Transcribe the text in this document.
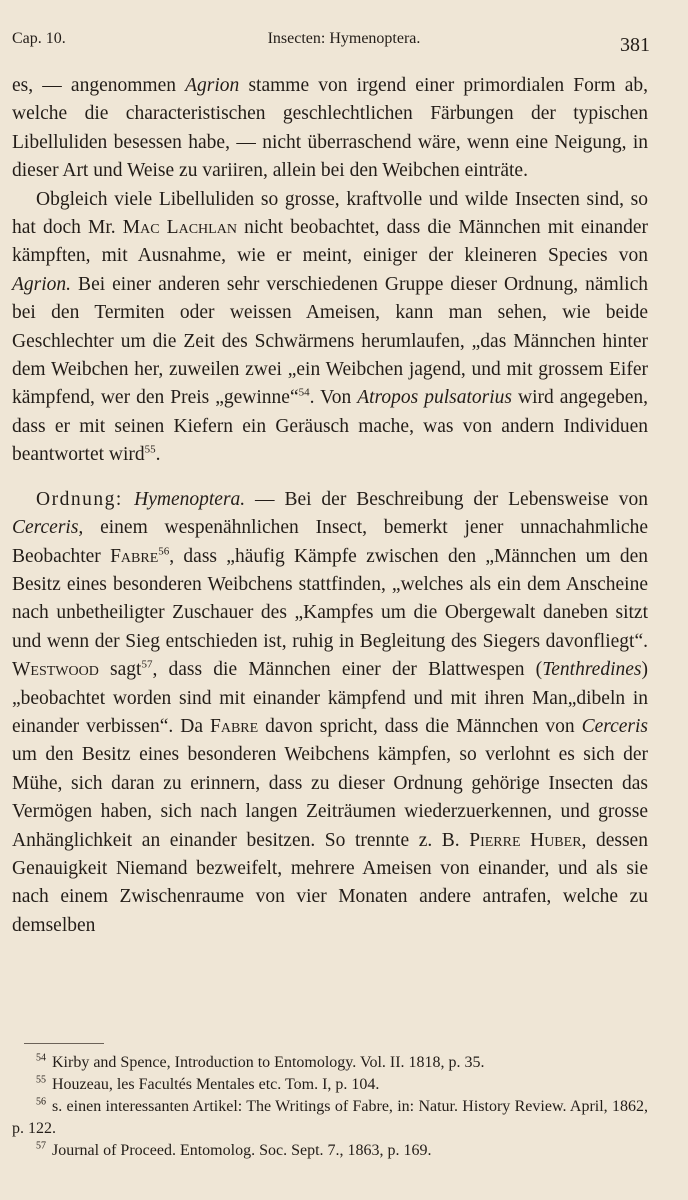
Cap. 10.	Insecten: Hymenoptera.	381

es, — angenommen Agrion stamme von irgend einer primordialen Form ab, welche die characteristischen geschlechtlichen Färbungen der typischen Libelluliden besessen habe, — nicht überraschend wäre, wenn eine Neigung, in dieser Art und Weise zu variiren, allein bei den Weibchen einträte.

Obgleich viele Libelluliden so grosse, kraftvolle und wilde Insecten sind, so hat doch Mr. Mac Lachlan nicht beobachtet, dass die Männchen mit einander kämpften, mit Ausnahme, wie er meint, einiger der kleineren Species von Agrion. Bei einer anderen sehr verschiedenen Gruppe dieser Ordnung, nämlich bei den Termiten oder weissen Ameisen, kann man sehen, wie beide Geschlechter um die Zeit des Schwärmens herumlaufen, „das Männchen hinter dem Weibchen her, zuweilen zwei „ein Weibchen jagend, und mit grossem Eifer kämpfend, wer den Preis „gewinne“$^{54}$. Von Atropos pulsatorius wird angegeben, dass er mit seinen Kiefern ein Geräusch mache, was von andern Individuen beantwortet wird$^{55}$.

Ordnung: Hymenoptera. — Bei der Beschreibung der Lebensweise von Cerceris, einem wespenähnlichen Insect, bemerkt jener unnachahmliche Beobachter Fabre$^{56}$, dass „häufig Kämpfe zwischen den „Männchen um den Besitz eines besonderen Weibchens stattfinden, „welches als ein dem Anscheine nach unbetheiligter Zuschauer des „Kampfes um die Obergewalt daneben sitzt und wenn der Sieg entschieden ist, ruhig in Begleitung des Siegers davonfliegt“. Westwood sagt$^{57}$, dass die Männchen einer der Blattwespen (Tenthredines) „beobachtet worden sind mit einander kämpfend und mit ihren Man„dibeln in einander verbissen“. Da Fabre davon spricht, dass die Männchen von Cerceris um den Besitz eines besonderen Weibchens kämpfen, so verlohnt es sich der Mühe, sich daran zu erinnern, dass zu dieser Ordnung gehörige Insecten das Vermögen haben, sich nach langen Zeiträumen wiederzuerkennen, und grosse Anhänglichkeit an einander besitzen. So trennte z. B. Pierre Huber, dessen Genauigkeit Niemand bezweifelt, mehrere Ameisen von einander, und als sie nach einem Zwischenraume von vier Monaten andere antrafen, welche zu demselben

$^{54}$ Kirby and Spence, Introduction to Entomology. Vol. II. 1818, p. 35.

$^{55}$ Houzeau, les Facultés Mentales etc. Tom. I, p. 104.

$^{56}$ s. einen interessanten Artikel: The Writings of Fabre, in: Natur. History Review. April, 1862, p. 122.

$^{57}$ Journal of Proceed. Entomolog. Soc. Sept. 7., 1863, p. 169.
